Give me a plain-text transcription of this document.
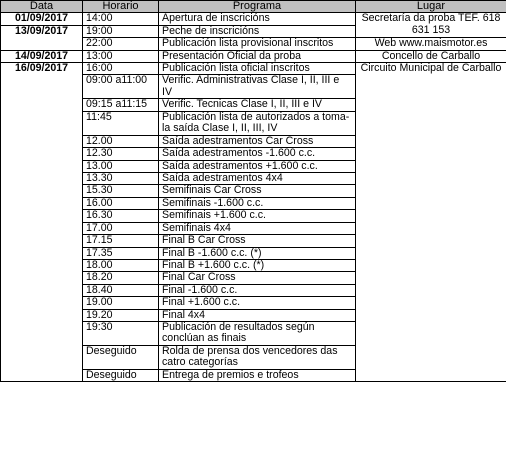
Data	Horario	Programa	Lugar
01/09/2017	14:00	Apertura de inscricións	Secretaría da proba TEF. 618 631 153
13/09/2017	19:00	Peche de inscricións	
	22:00	Publicación lista provisional inscritos	Web www.maismotor.es
14/09/2017	13:00	Presentación Oficial da proba	Concello de Carballo
16/09/2017	16:00	Publicación lista oficial inscritos	Circuito Municipal de Carballo
	09:00 a11:00	Verific. Administrativas Clase I, II, III e IV	
	09:15 a11:15	Verific. Tecnicas Clase I, II, III e IV	
	11:45	Publicación lista de autorizados a toma-la saída Clase I, II, III, IV	
	12.00	Saída adestramentos Car Cross	
	12.30	Saída adestramentos -1.600 c.c.	
	13.00	Saída adestramentos +1.600 c.c.	
	13.30	Saída adestramentos 4x4	
	15.30	Semifinais Car Cross	
	16.00	Semifinais -1.600 c.c.	
	16.30	Semifinais +1.600 c.c.	
	17.00	Semifinais 4x4	
	17.15	Final B Car Cross	
	17.35	Final B -1.600 c.c. (*)	
	18.00	Final B +1.600 c.c. (*)	
	18.20	Final Car Cross	
	18.40	Final -1.600 c.c.	
	19.00	Final +1.600 c.c.	
	19.20	Final 4x4	
	19:30	Publicación de resultados según conclúan as finais	
	Deseguido	Rolda de prensa dos vencedores das catro categorías	
	Deseguido	Entrega de premios e trofeos	
